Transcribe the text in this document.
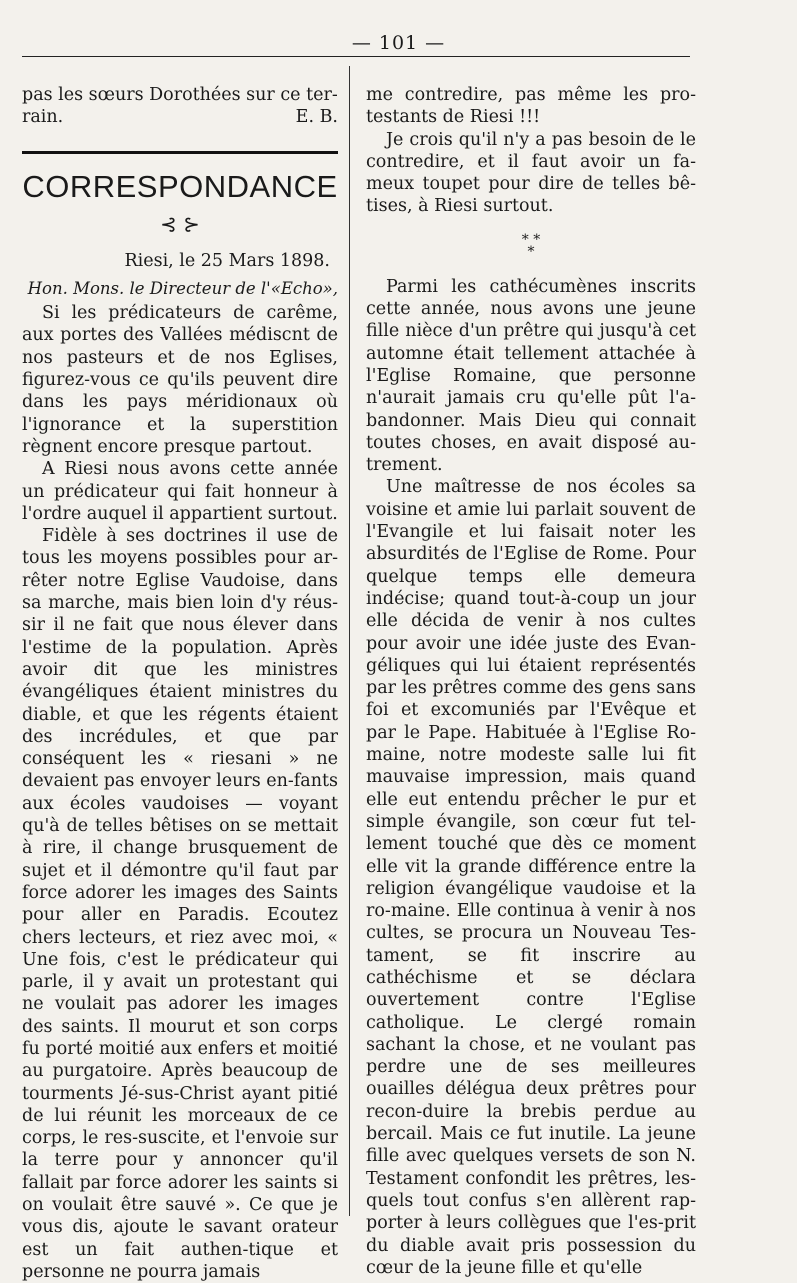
— 101 —

pas les sœurs Dorothées sur ce ter-

rain.	E. B.
CORRESPONDANCE
⊰ ⊱
Riesi, le 25 Mars 1898.
Hon. Mons. le Directeur de l'«Echo»,

Si les prédicateurs de carême, aux portes des Vallées médiscnt de nos pasteurs et de nos Eglises, figurez-vous ce qu'ils peuvent dire dans les pays méridionaux où l'ignorance et la superstition règnent encore presque partout.

A Riesi nous avons cette année un prédicateur qui fait honneur à l'ordre auquel il appartient surtout.

Fidèle à ses doctrines il use de tous les moyens possibles pour ar-rêter notre Eglise Vaudoise, dans sa marche, mais bien loin d'y réus-sir il ne fait que nous élever dans l'estime de la population. Après avoir dit que les ministres évangéliques étaient ministres du diable, et que les régents étaient des incrédules, et que par conséquent les « riesani » ne devaient pas envoyer leurs en-fants aux écoles vaudoises — voyant qu'à de telles bêtises on se mettait à rire, il change brusquement de sujet et il démontre qu'il faut par force adorer les images des Saints pour aller en Paradis. Ecoutez chers lecteurs, et riez avec moi, « Une fois, c'est le prédicateur qui parle, il y avait un protestant qui ne voulait pas adorer les images des saints. Il mourut et son corps fu porté moitié aux enfers et moitié au purgatoire. Après beaucoup de tourments Jé-sus-Christ ayant pitié de lui réunit les morceaux de ce corps, le res-suscite, et l'envoie sur la terre pour y annoncer qu'il fallait par force adorer les saints si on voulait être sauvé ». Ce que je vous dis, ajoute le savant orateur est un fait authen-tique et personne ne pourra jamais

me contredire, pas même les pro-testants de Riesi !!!

Je crois qu'il n'y a pas besoin de le contredire, et il faut avoir un fa-meux toupet pour dire de telles bê-tises, à Riesi surtout.

* *
*

Parmi les cathécumènes inscrits cette année, nous avons une jeune fille nièce d'un prêtre qui jusqu'à cet automne était tellement attachée à l'Eglise Romaine, que personne n'aurait jamais cru qu'elle pût l'a-bandonner. Mais Dieu qui connait toutes choses, en avait disposé au-trement.

Une maîtresse de nos écoles sa voisine et amie lui parlait souvent de l'Evangile et lui faisait noter les absurdités de l'Eglise de Rome. Pour quelque temps elle demeura indécise; quand tout-à-coup un jour elle décida de venir à nos cultes pour avoir une idée juste des Evan-géliques qui lui étaient représentés par les prêtres comme des gens sans foi et excomuniés par l'Evêque et par le Pape. Habituée à l'Eglise Ro-maine, notre modeste salle lui fit mauvaise impression, mais quand elle eut entendu prêcher le pur et simple évangile, son cœur fut tel-lement touché que dès ce moment elle vit la grande différence entre la religion évangélique vaudoise et la ro-maine. Elle continua à venir à nos cultes, se procura un Nouveau Tes-tament, se fit inscrire au cathéchisme et se déclara ouvertement contre l'Eglise catholique. Le clergé romain sachant la chose, et ne voulant pas perdre une de ses meilleures ouailles déléguа deux prêtres pour recon-duire la brebis perdue au bercail. Mais ce fut inutile. La jeune fille avec quelques versets de son N. Testament confondit les prêtres, les-quels tout confus s'en allèrent rap-porter à leurs collègues que l'es-prit du diable avait pris possession du cœur de la jeune fille et qu'elle
